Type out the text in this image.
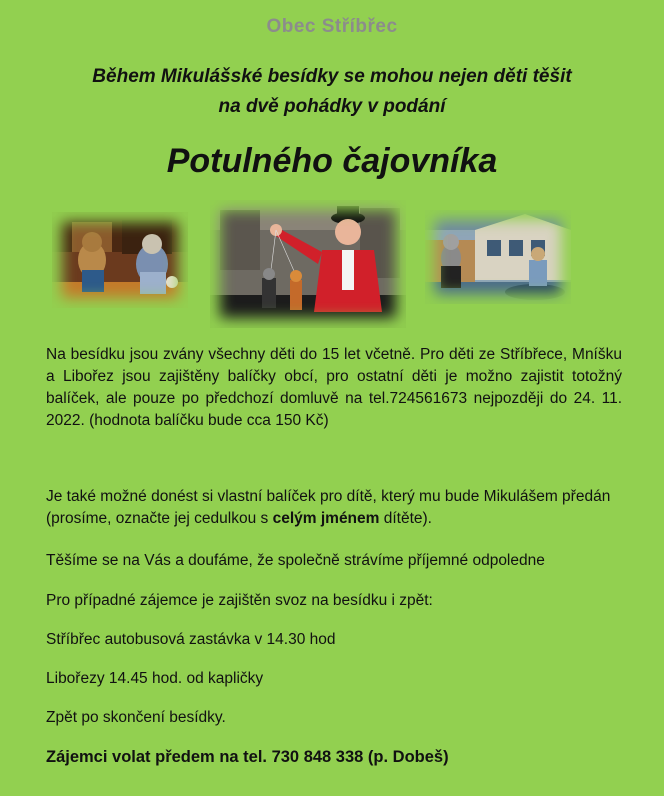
Obec Stříbřec
Během Mikulášské besídky se mohou nejen děti těšit
na dvě pohádky v podání
Potulného čajovníka
Na besídku jsou zvány všechny děti do 15 let včetně. Pro děti ze Stříbřece, Mníšku a Libořez jsou zajištěny balíčky obcí, pro ostatní děti je možno zajistit totožný balíček, ale pouze po předchozí domluvě na tel.724561673 nejpozději do 24. 11. 2022. (hodnota balíčku bude cca 150 Kč)
Je také možné donést si vlastní balíček pro dítě, který mu bude Mikulášem předán (prosíme, označte jej cedulkou s celým jménem dítěte).
Těšíme se na Vás a doufáme, že společně strávíme příjemné odpoledne
Pro případné zájemce je zajištěn svoz na besídku i zpět:
Stříbřec autobusová zastávka v 14.30 hod
Libořezy 14.45 hod. od kapličky
Zpět po skončení besídky.
Zájemci volat předem na tel. 730 848 338 (p. Dobeš)
